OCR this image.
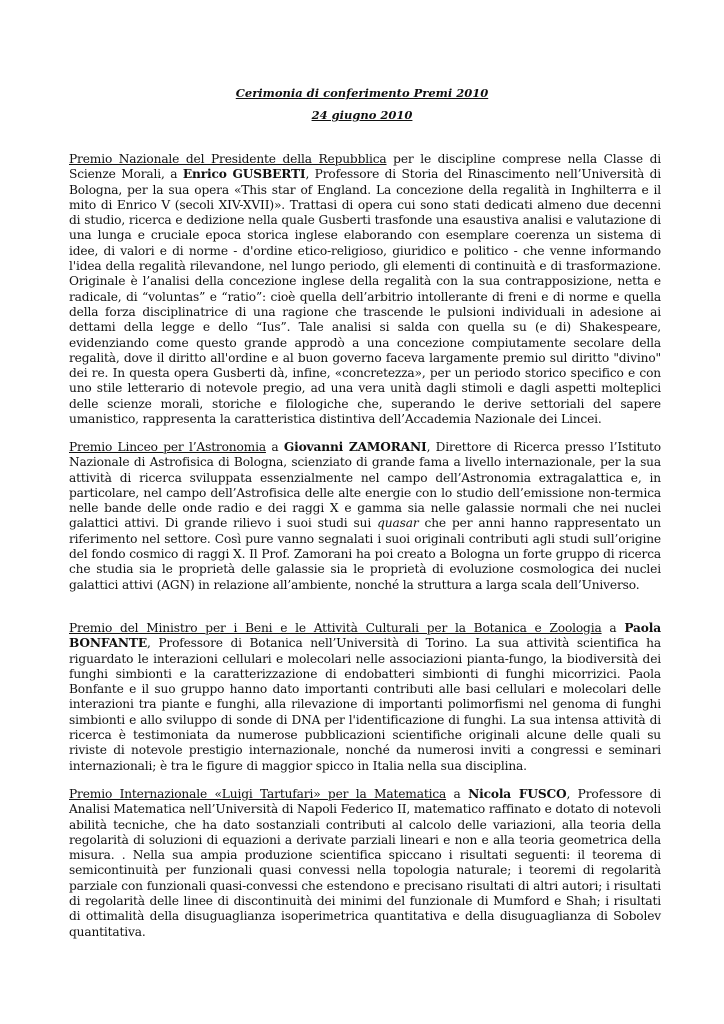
Cerimonia di conferimento Premi 2010
24 giugno 2010
Premio Nazionale del Presidente della Repubblica per le discipline comprese nella Classe di Scienze Morali, a Enrico GUSBERTI, Professore di Storia del Rinascimento nell’Università di Bologna, per la sua opera «This star of England. La concezione della regalità in Inghilterra e il mito di Enrico V (secoli XIV-XVII)». Trattasi di opera cui sono stati dedicati almeno due decenni di studio, ricerca e dedizione nella quale Gusberti trasfonde una esaustiva analisi e valutazione di una lunga e cruciale epoca storica inglese elaborando con esemplare coerenza un sistema di idee, di valori e di norme - d'ordine etico-religioso, giuridico e politico - che venne informando l'idea della regalità rilevandone, nel lungo periodo, gli elementi di continuità e di trasformazione. Originale è l’analisi della concezione inglese della regalità con la sua contrapposizione, netta e radicale, di “voluntas” e “ratio”: cioè quella dell’arbitrio intollerante di freni e di norme e quella della forza disciplinatrice di una ragione che trascende le pulsioni individuali in adesione ai dettami della legge e dello “Ius”. Tale analisi si salda con quella su (e di) Shakespeare, evidenziando come questo grande approdò a una concezione compiutamente secolare della regalità, dove il diritto all'ordine e al buon governo faceva largamente premio sul diritto "divino" dei re. In questa opera Gusberti dà, infine, «concretezza», per un periodo storico specifico e con uno stile letterario di notevole pregio, ad una vera unità dagli stimoli e dagli aspetti molteplici delle scienze morali, storiche e filologiche che, superando le derive settoriali del sapere umanistico, rappresenta la caratteristica distintiva dell’Accademia Nazionale dei Lincei.
Premio Linceo per l’Astronomia a Giovanni ZAMORANI, Direttore di Ricerca presso l’Istituto Nazionale di Astrofisica di Bologna, scienziato di grande fama a livello internazionale, per la sua attività di ricerca sviluppata essenzialmente nel campo dell’Astronomia extragalattica e, in particolare, nel campo dell’Astrofisica delle alte energie con lo studio dell’emissione non-termica nelle bande delle onde radio e dei raggi X e gamma sia nelle galassie normali che nei nuclei galattici attivi. Di grande rilievo i suoi studi sui quasar che per anni hanno rappresentato un riferimento nel settore. Così pure vanno segnalati i suoi originali contributi agli studi sull’origine del fondo cosmico di raggi X. Il Prof. Zamorani ha poi creato a Bologna un forte gruppo di ricerca che studia sia le proprietà delle galassie sia le proprietà di evoluzione cosmologica dei nuclei galattici attivi (AGN) in relazione all’ambiente, nonché la struttura a larga scala dell’Universo.
Premio del Ministro per i Beni e le Attività Culturali per la Botanica e Zoologia a Paola BONFANTE, Professore di Botanica nell’Università di Torino. La sua attività scientifica ha riguardato le interazioni cellulari e molecolari nelle associazioni pianta-fungo, la biodiversità dei funghi simbionti e la caratterizzazione di endobatteri simbionti di funghi micorrizici. Paola Bonfante e il suo gruppo hanno dato importanti contributi alle basi cellulari e molecolari delle interazioni tra piante e funghi, alla rilevazione di importanti polimorfismi nel genoma di funghi simbionti e allo sviluppo di sonde di DNA per l'identificazione di funghi. La sua intensa attività di ricerca è testimoniata da numerose pubblicazioni scientifiche originali alcune delle quali su riviste di notevole prestigio internazionale, nonché da numerosi inviti a congressi e seminari internazionali; è tra le figure di maggior spicco in Italia nella sua disciplina.
Premio Internazionale «Luigi Tartufari» per la Matematica a Nicola FUSCO, Professore di Analisi Matematica nell’Università di Napoli Federico II, matematico raffinato e dotato di notevoli abilità tecniche, che ha dato sostanziali contributi al calcolo delle variazioni, alla teoria della regolarità di soluzioni di equazioni a derivate parziali lineari e non e alla teoria geometrica della misura. . Nella sua ampia produzione scientifica spiccano i risultati seguenti: il teorema di semicontinuità per funzionali quasi convessi nella topologia naturale; i teoremi di regolarità parziale con funzionali quasi-convessi che estendono e precisano risultati di altri autori; i risultati di regolarità delle linee di discontinuità dei minimi del funzionale di Mumford e Shah; i risultati di ottimalità della disuguaglianza isoperimetrica quantitativa e della disuguaglianza di Sobolev quantitativa.
